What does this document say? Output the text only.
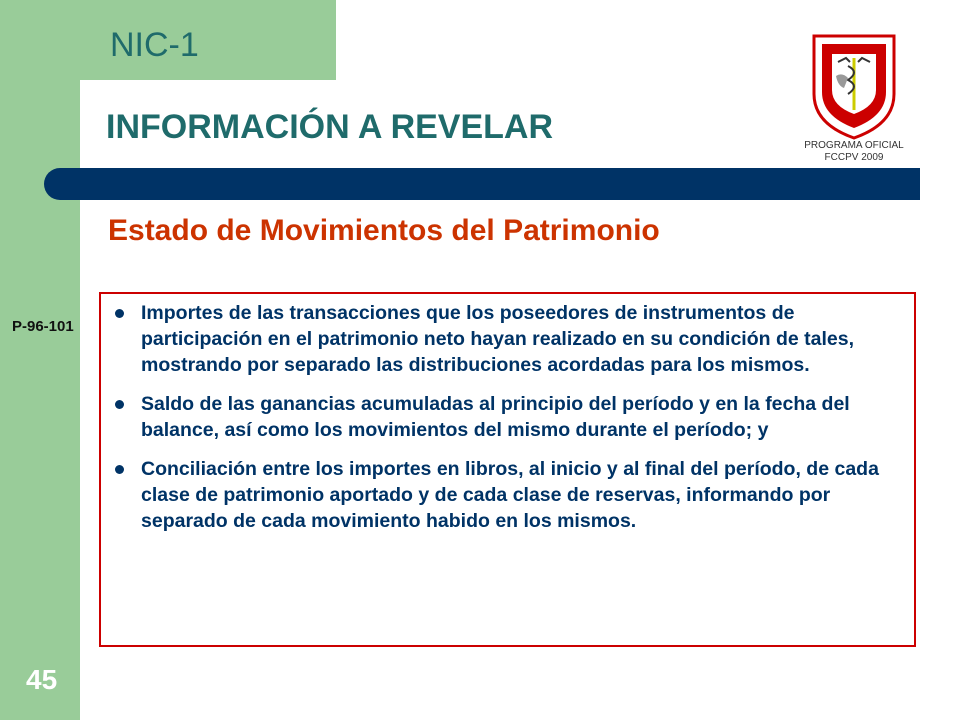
NIC-1
INFORMACIÓN A REVELAR	PROGRAMA OFICIAL
FCCPV 2009
Estado de Movimientos del Patrimonio
P-96-101
Importes de las transacciones que los poseedores de instrumentos de participación en el patrimonio neto hayan realizado en su condición de tales, mostrando por separado las distribuciones acordadas para los mismos.
Saldo de las ganancias acumuladas al principio del período y en la fecha del balance, así como los movimientos del mismo durante el período; y
Conciliación entre los importes en libros, al inicio y al final del período, de cada clase de patrimonio aportado y de cada clase de reservas, informando por separado de cada movimiento habido en los mismos.
45
